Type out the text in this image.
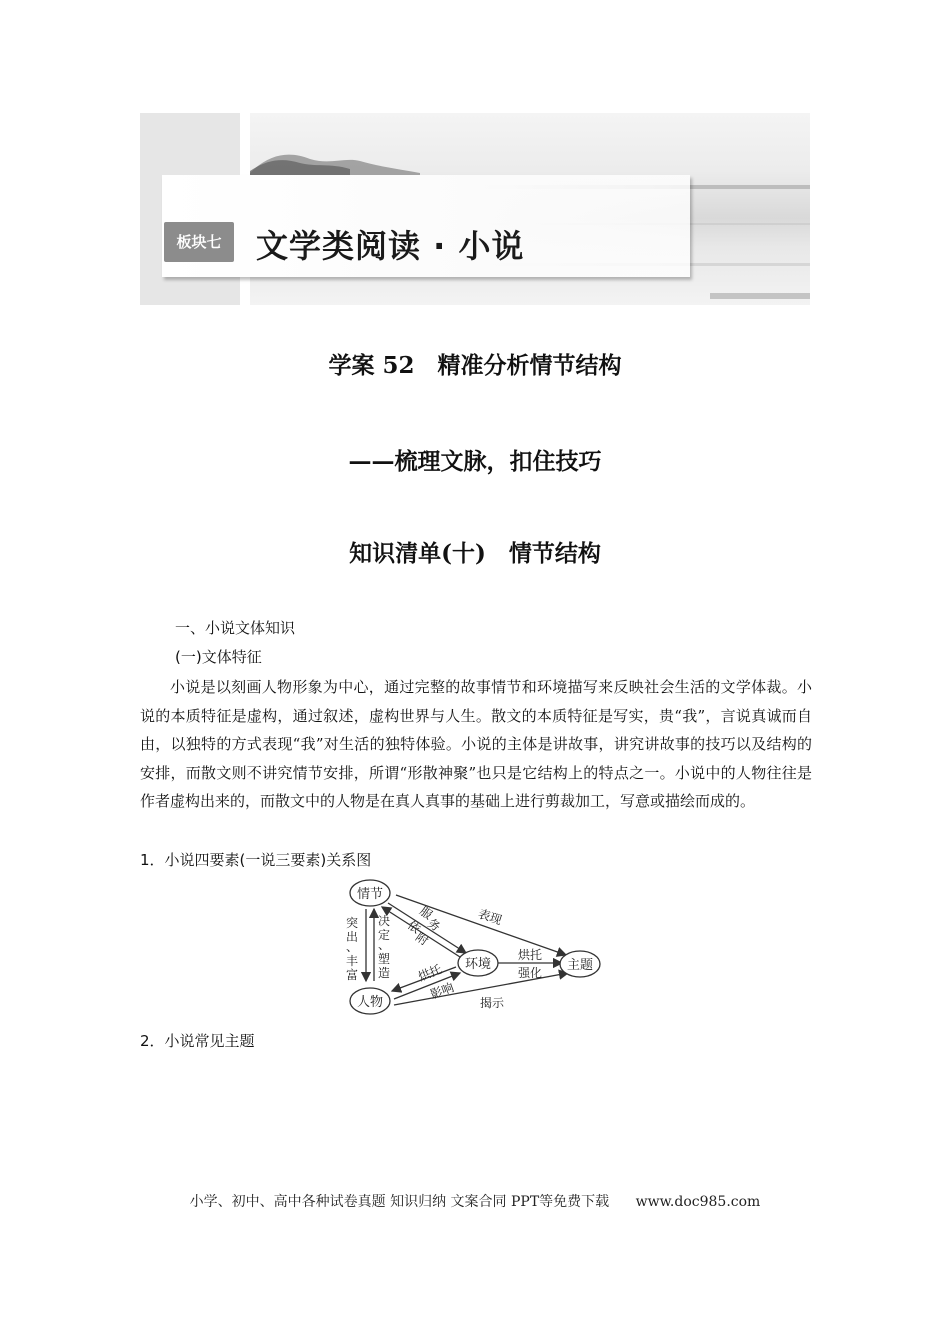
板块七	文学类阅读 · 小说
学案 52　精准分析情节结构
——梳理文脉，扣住技巧
知识清单(十)　情节结构
一、小说文体知识
(一)文体特征
小说是以刻画人物形象为中心，通过完整的故事情节和环境描写来反映社会生活的文学体裁。小说的本质特征是虚构，通过叙述，虚构世界与人生。散文的本质特征是写实，贵“我”，言说真诚而自由，以独特的方式表现“我”对生活的独特体验。小说的主体是讲故事，讲究讲故事的技巧以及结构的安排，而散文则不讲究情节安排，所谓“形散神聚”也只是它结构上的特点之一。小说中的人物往往是作者虚构出来的，而散文中的人物是在真人真事的基础上进行剪裁加工，写意或描绘而成的。
1．小说四要素(一说三要素)关系图
情节
环境
人物
主题
突
出
、
丰
富
决
定
、
塑
造
依
附
服
务	表现
烘托
影响
烘托
强化
揭示
2．小说常见主题
小学、初中、高中各种试卷真题 知识归纳 文案合同 PPT等免费下载 www.doc985.com
